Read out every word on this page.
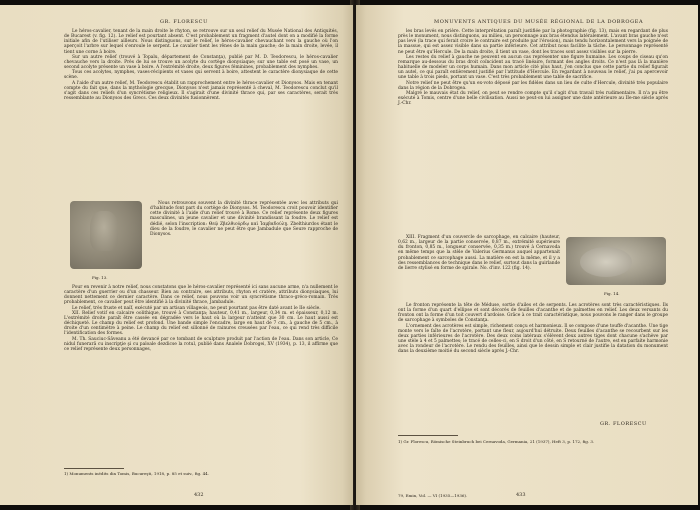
GR. FLORESCU

Le héros-cavalier, tenant de la main droite le rhyton, se retrouve sur un seul relief du Musée National des Antiquités, de Bucarest (v. fig. 12). Le relief est pourtant absent. C'est probablement un fragment d'autel dont on a modifié la forme initiale afin de l'utiliser ailleurs. Nous distinguons, sur le relief, le héros-cavalier chevauchant vers la gauche où l'on aperçoit l'arbre sur lequel s'enroule le serpent. Le cavalier tient les rênes de la main gauche; de la main droite, levée, il tient une corne à boire.

Sur un autre relief (trouvé à Topalu, département de Constanţa), publié par M. D. Teodorescu, le héros-cavalier chevauche vers la droite. Près de lui se trouve un acolyte du cortège dionysiaque; sur une table est posé un vase, un second acolyte présente un vase à boire. A l'extrémité droite, deux figures féminines, probablement des nymphes.

Tous ces acolytes, nymphes, vases-récipients et vases qui servent à boire, attestent le caractère dionysiaque de cette scène.

A l'aide d'un autre relief, M. Teodorescu établit un rapprochement entre le héros-cavalier et Dionysos. Mais en tenant compte du fait que, dans la mythologie grecque, Dionysos n'est jamais représenté à cheval, M. Teodorescu conclut qu'il s'agit dans ces reliefs d'un syncrétisme religieux. Il s'agirait d'une divinité thrace qui, par ses caractères, serait très ressemblante au Dionysos des Grecs. Ces deux divinités fusionnèrent.

Fig. 13.

Nous retrouvons souvent la divinité thrace représentée avec les attributs qui d'habitude font part du cortège de Dionysos. M. Teodorescu croit pouvoir identifier cette divinité à l'aide d'un relief trouvé à Rome. Ce relief représente deux figures masculines, un jeune cavalier et une divinité brandissant la foudre. Le relief est dédié, selon l'inscription: Θεῷ Ζβελθιούρδῳ καὶ Ἰαμβαδούλῃ. Zbelthiurdos étant le dieu de la foudre, le cavalier ne peut être que Jambadule que Seure rapproche de Dionysos.

Pour en revenir à notre relief, nous constatons que le héros-cavalier représenté ici sans aucune arme, n'a nullement le caractère d'un guerrier ou d'un chasseur. Bien au contraire, ses attributs, rhyton et cratère, attributs dionysiaques, lui donnent nettement ce dernier caractère. Dans ce relief, nous pouvons voir un syncrétisme thraco-gréco-romain. Très probablement, ce cavalier peut être identifié à la divinité thrace, Jambadule.

Le relief, très fruste et naïf, exécuté par un artisan villageois, ne peut pourtant pas être daté avant le IIe siècle.

XII. Relief votif en calcaire oolithique, trouvé à Constanţa; hauteur, 0,41 m., largeur, 0,34 m. et épaisseur, 0,12 m. L'extrémité droite paraît être cassée en dégradée vers le haut où la largeur n'atteint que 30 cm. Le haut aussi est déchiqueté. Le champ du relief est profond. Une bande simple l'encadre, large en haut de 7 cm., à gauche de 5 cm., à droite d'un centimètre à peine. Le champ du relief est sillonné de rainures creusées par l'eau, ce qui rend très difficile l'identification des formes.

M. Th. Sauciuc-Săveanu a été devancé par ce tombant de sculpture produit par l'action de l'eau. Dans son article, Ce nidul funerară cu inscripţie şi cu paloale dezdicse la rotul, publié dans Analele Dobrogei, XV (1934), p. 13, il affirme que ce relief représente deux personnages,

1) Monuments inédits din Tomis, Bucureşti, 1918, p. 85 et suiv., fig. 44.
432
MONUVENTS ANTIQUES DU MUSÉE RÉGIONAL DE LA DOBROGEA

les bras levés en prière. Cette interprétation paraît justifiée par la photographie (fig. 13), mais en regardant de plus près le monument, nous distinguons, au milieu, un personnage aux bras étendus latéralement. L'avant bras gauche n'est pas levé (la trace qui ferait croire le contraire est produite par l'érosion), mais tendu horizontalement vers la poignée de la massue, qui est assez visible dans sa partie inférieure. Cet attribut nous facilite la tâche. Le personnage représenté ne peut être qu'Hercule. De la main droite, il tient un vase, dont les traces sont assez visibles sur la pierre.

Les restes du relief à gauche ne peuvent en aucun cas représenter une figure humaine. Les coups de ciseau qu'on remarque au-dessous du bras droit coïncident au tracé linéaire, formant des angles droits. Ce n'est pas là la manière habituelle de modeler un corps humain. Dans mon article cité plus haut, j'en conclus que cette partie du relief figurait un autel, ce qui paraît entièrement justifié par l'attitude d'Hercule. En regardant à nouveau le relief, j'ai pu apercevoir une table à trois pieds, portant un vase. C'est très probablement une table de sacrifice.

Notre relief ne peut être qu'un ex-voto déposé par les fidèles dans un lieu de culte d'Hercule, divinité très populaire dans la région de la Dobrogea.

Malgré le mauvais état du relief, on peut se rendre compte qu'il s'agit d'un travail très rudimentaire. Il n'a pu être exécuté à Tomis, centre d'une belle civilisation. Aussi ne peut-on lui assigner une date antérieure au IIe-me siècle après J.-Chr.

XIII. Fragment d'un couvercle de sarcophage, en calcaire (hauteur, 0,62 m., largeur de la partie conservée, 0,87 m., extrémité supérieure du fronton, 0,85 m., longueur conservée, 0,35 m.) trouvé à Cernavoda en même temps que la stèle de Valerius Germanus auquel appartenait probablement ce sarcophage aussi. La matière en est la même, et il y a des ressemblances de technique dans le relief, surtout dans la guirlande de lierre stylisé en forme de spirale. No. d'inv. 122 (fig. 14).

Fig. 14.

Le fronton représente la tête de Méduse, sortie d'ailes et de serpents. Les acrotères sont très caractéristiques. Ils ont la forme d'un quart d'ellipse et sont décorés de feuilles d'acanthe et de palmettes en relief. Les deux versants du fronton ont la forme d'un toit couvert d'ardoise. Grâce à ce trait caractéristique, nous pouvons le ranger dans le groupe de sarcophage à symboles de Constanţa.

L'ornement des acrotères est simple, richement conçu et harmonieux. Il se compose d'une touffe d'acanthe. Une tige monte vers le faîte de l'acrotère, portant une fleur, aujourd'hui détruite. Deux feuilles d'acanthe se recourbent sur les deux parties inférieures de l'acrotère. Des deux coins latéraux s'élèvent deux autres tiges dont chacune s'achève par une stèle à 4 et 5 palmettes; le tracé de celles-ci, en S droit d'un côté, en S retourné de l'autre, est en parfaite harmonie avec la rondeur de l'acrotère. Le rendu des feuilles, ainsi que le dessin simple et clair justifie la datation du monument dans la deuxième moitié du second siècle après J.-Chr.

GR. FLORESCU
1) Gr. Florescu, Römische Steinbruch bei Cernavoda, Germania, 21 (1937), Heft 3, p. 172, fig. 3.
79, Emin, Vol. — VI (1935—1936).	433
